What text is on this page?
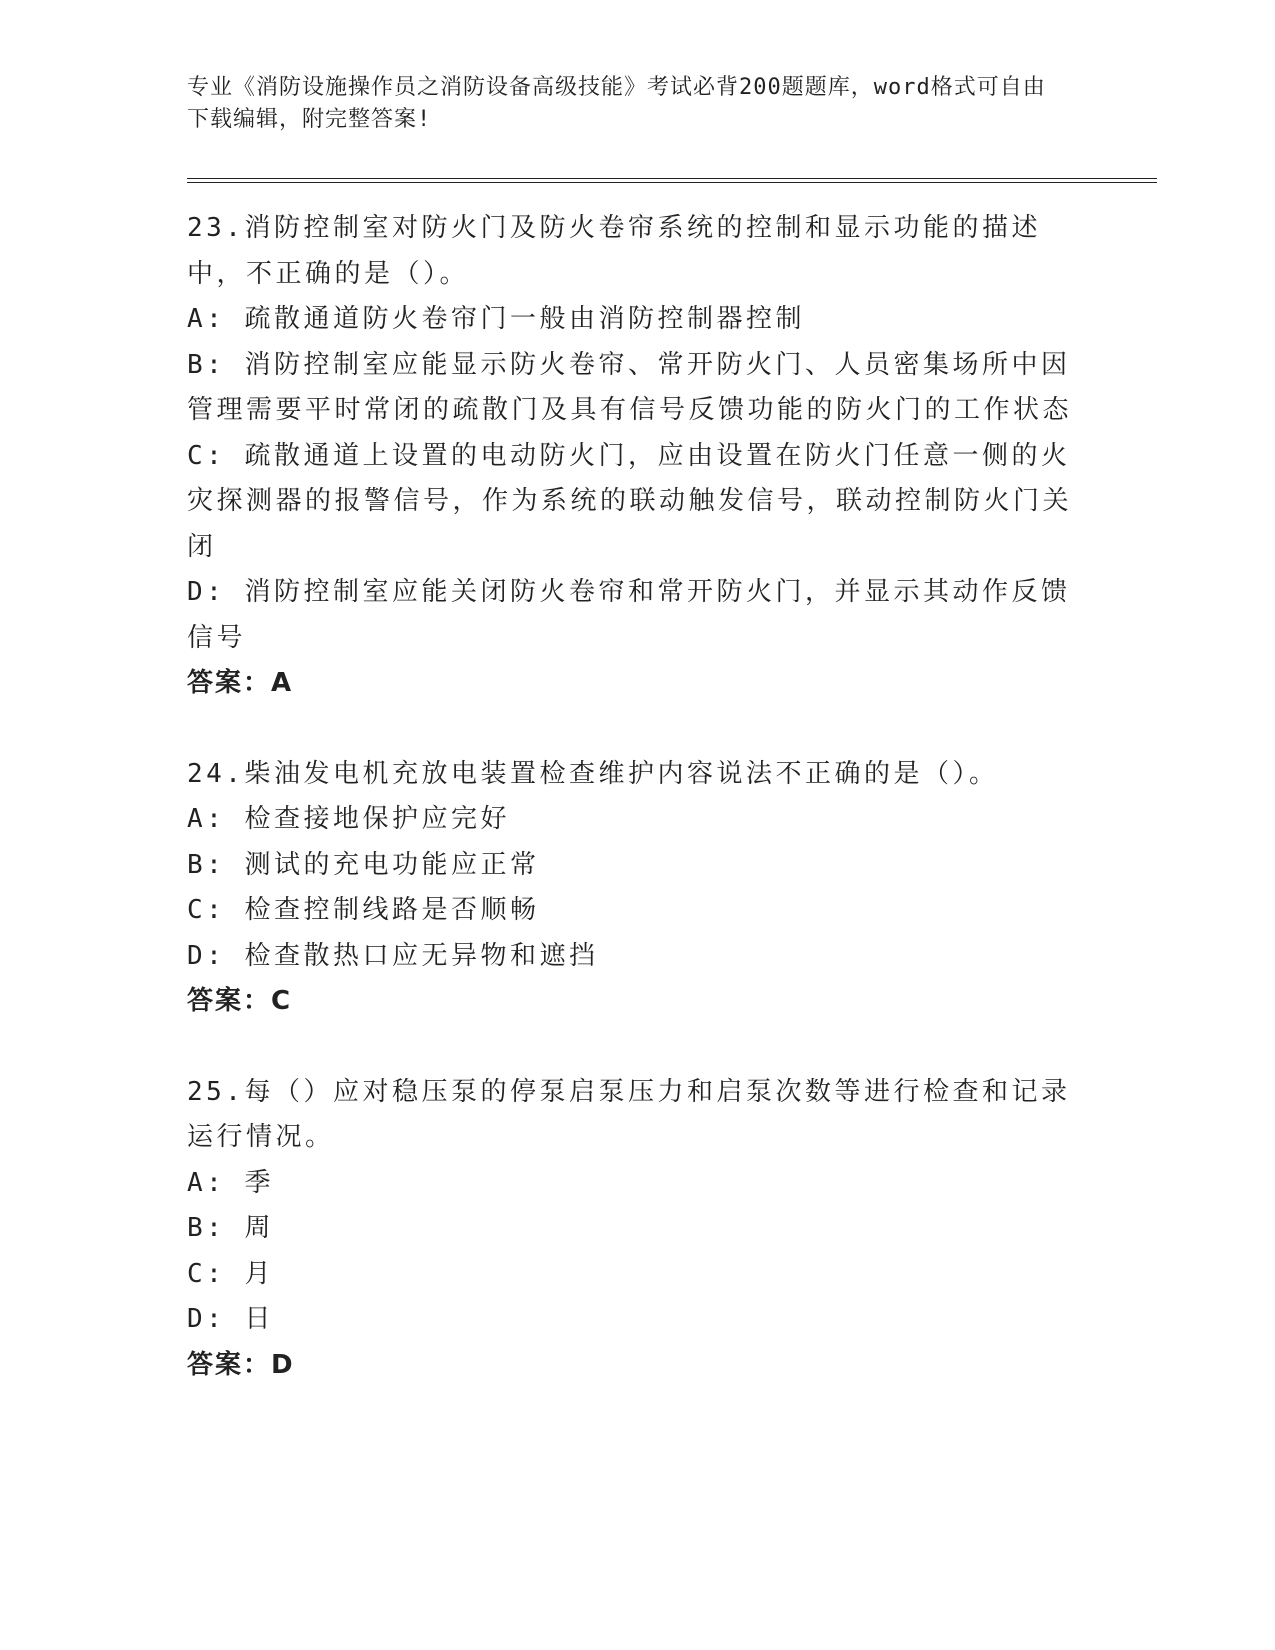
专业《消防设施操作员之消防设备高级技能》考试必背200题题库，word格式可自由下载编辑，附完整答案!
23.消防控制室对防火门及防火卷帘系统的控制和显示功能的描述中，不正确的是（）。
A: 疏散通道防火卷帘门一般由消防控制器控制
B: 消防控制室应能显示防火卷帘、常开防火门、人员密集场所中因管理需要平时常闭的疏散门及具有信号反馈功能的防火门的工作状态
C: 疏散通道上设置的电动防火门，应由设置在防火门任意一侧的火灾探测器的报警信号，作为系统的联动触发信号，联动控制防火门关闭
D: 消防控制室应能关闭防火卷帘和常开防火门，并显示其动作反馈信号
答案：A
24.柴油发电机充放电装置检查维护内容说法不正确的是（）。
A: 检查接地保护应完好
B: 测试的充电功能应正常
C: 检查控制线路是否顺畅
D: 检查散热口应无异物和遮挡
答案：C
25.每（）应对稳压泵的停泵启泵压力和启泵次数等进行检查和记录运行情况。
A: 季
B: 周
C: 月
D: 日
答案：D
